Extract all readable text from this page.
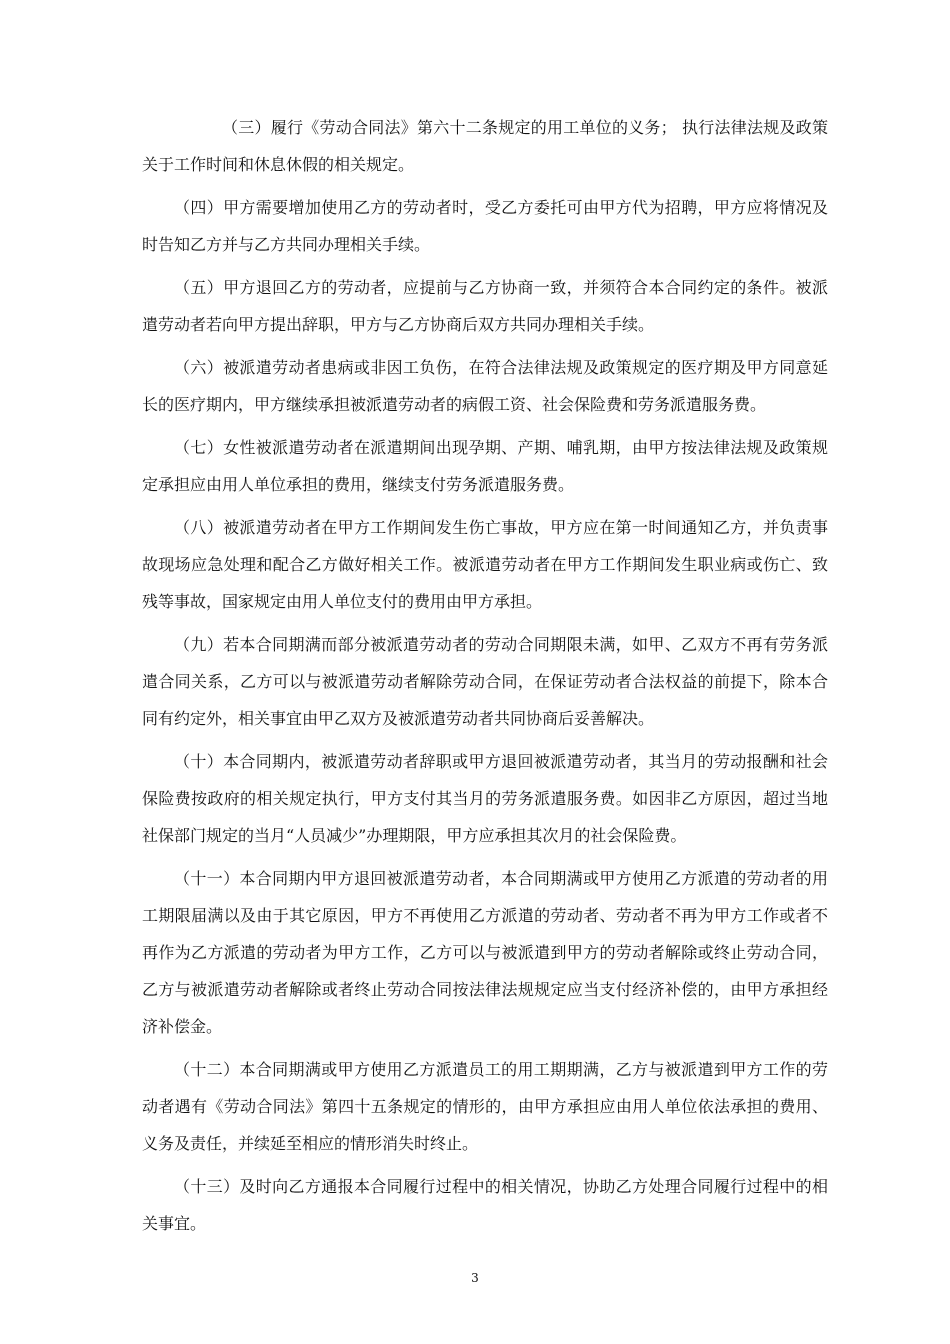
（三）履行《劳动合同法》第六十二条规定的用工单位的义务； 执行法律法规及政策关于工作时间和休息休假的相关规定。

（四）甲方需要增加使用乙方的劳动者时，受乙方委托可由甲方代为招聘，甲方应将情况及时告知乙方并与乙方共同办理相关手续。

（五）甲方退回乙方的劳动者，应提前与乙方协商一致，并须符合本合同约定的条件。被派遣劳动者若向甲方提出辞职，甲方与乙方协商后双方共同办理相关手续。

（六）被派遣劳动者患病或非因工负伤，在符合法律法规及政策规定的医疗期及甲方同意延长的医疗期内，甲方继续承担被派遣劳动者的病假工资、社会保险费和劳务派遣服务费。

（七）女性被派遣劳动者在派遣期间出现孕期、产期、哺乳期，由甲方按法律法规及政策规定承担应由用人单位承担的费用，继续支付劳务派遣服务费。

（八）被派遣劳动者在甲方工作期间发生伤亡事故，甲方应在第一时间通知乙方，并负责事故现场应急处理和配合乙方做好相关工作。被派遣劳动者在甲方工作期间发生职业病或伤亡、致残等事故，国家规定由用人单位支付的费用由甲方承担。

（九）若本合同期满而部分被派遣劳动者的劳动合同期限未满，如甲、乙双方不再有劳务派遣合同关系，乙方可以与被派遣劳动者解除劳动合同，在保证劳动者合法权益的前提下，除本合同有约定外，相关事宜由甲乙双方及被派遣劳动者共同协商后妥善解决。

（十）本合同期内，被派遣劳动者辞职或甲方退回被派遣劳动者，其当月的劳动报酬和社会保险费按政府的相关规定执行，甲方支付其当月的劳务派遣服务费。如因非乙方原因，超过当地社保部门规定的当月“人员减少”办理期限，甲方应承担其次月的社会保险费。

（十一）本合同期内甲方退回被派遣劳动者，本合同期满或甲方使用乙方派遣的劳动者的用工期限届满以及由于其它原因，甲方不再使用乙方派遣的劳动者、劳动者不再为甲方工作或者不再作为乙方派遣的劳动者为甲方工作，乙方可以与被派遣到甲方的劳动者解除或终止劳动合同，乙方与被派遣劳动者解除或者终止劳动合同按法律法规规定应当支付经济补偿的，由甲方承担经济补偿金。

（十二）本合同期满或甲方使用乙方派遣员工的用工期期满，乙方与被派遣到甲方工作的劳动者遇有《劳动合同法》第四十五条规定的情形的，由甲方承担应由用人单位依法承担的费用、义务及责任，并续延至相应的情形消失时终止。

（十三）及时向乙方通报本合同履行过程中的相关情况，协助乙方处理合同履行过程中的相关事宜。

3
